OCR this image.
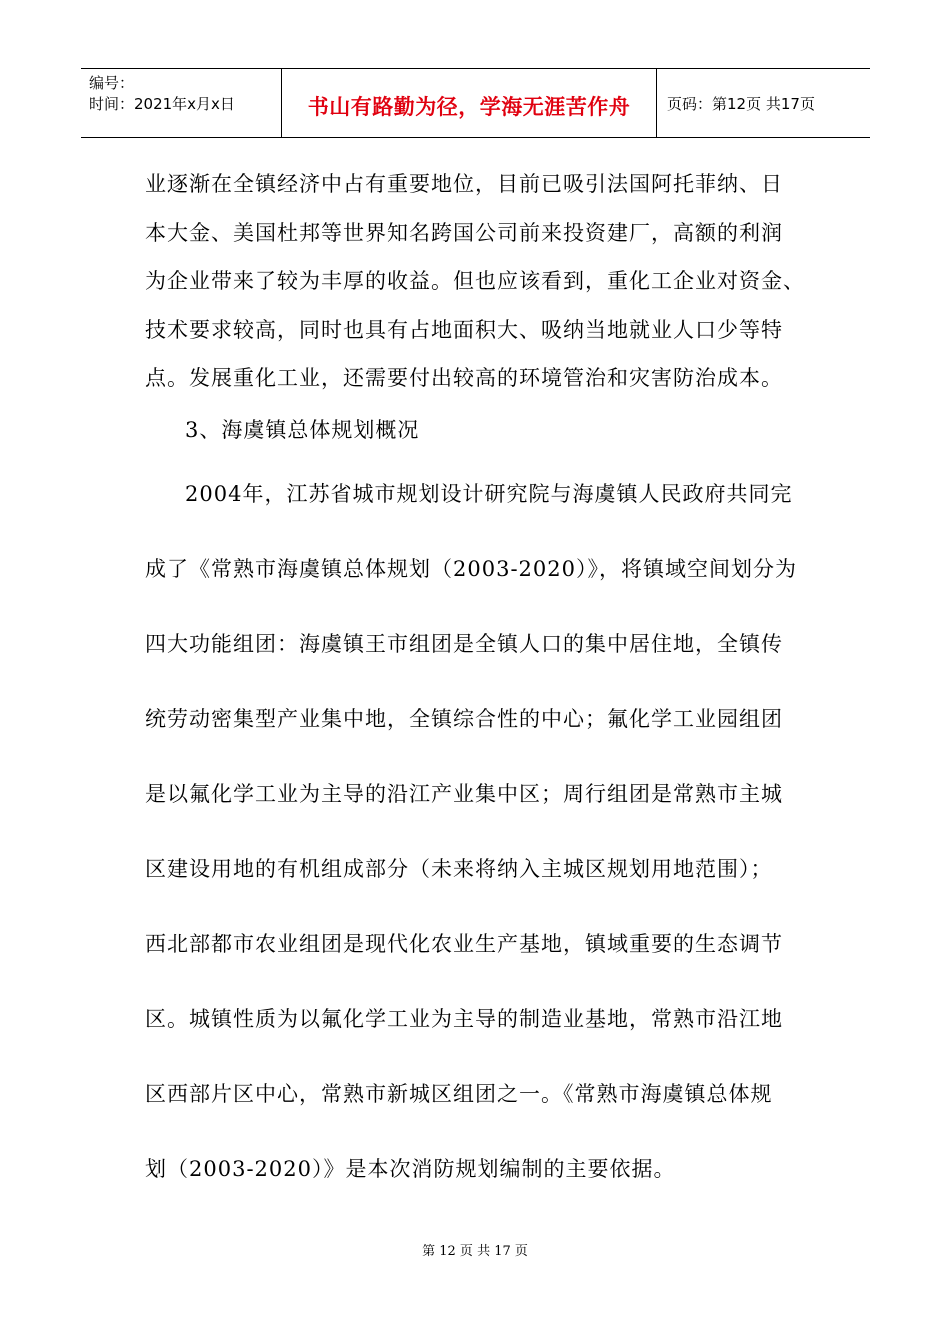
编号：
时间：2021年x月x日	书山有路勤为径，学海无涯苦作舟 页码：第12页 共17页
业逐渐在全镇经济中占有重要地位，目前已吸引法国阿托菲纳、日
本大金、美国杜邦等世界知名跨国公司前来投资建厂，高额的利润
为企业带来了较为丰厚的收益。但也应该看到，重化工企业对资金、
技术要求较高，同时也具有占地面积大、吸纳当地就业人口少等特
点。发展重化工业，还需要付出较高的环境管治和灾害防治成本。
3、海虞镇总体规划概况
2004年，江苏省城市规划设计研究院与海虞镇人民政府共同完
成了《常熟市海虞镇总体规划（2003-2020）》，将镇域空间划分为
四大功能组团：海虞镇王市组团是全镇人口的集中居住地，全镇传
统劳动密集型产业集中地，全镇综合性的中心；氟化学工业园组团
是以氟化学工业为主导的沿江产业集中区；周行组团是常熟市主城
区建设用地的有机组成部分（未来将纳入主城区规划用地范围）；
西北部都市农业组团是现代化农业生产基地，镇域重要的生态调节
区。城镇性质为以氟化学工业为主导的制造业基地，常熟市沿江地
区西部片区中心，常熟市新城区组团之一。《常熟市海虞镇总体规
划（2003-2020）》是本次消防规划编制的主要依据。
第 12 页 共 17 页
